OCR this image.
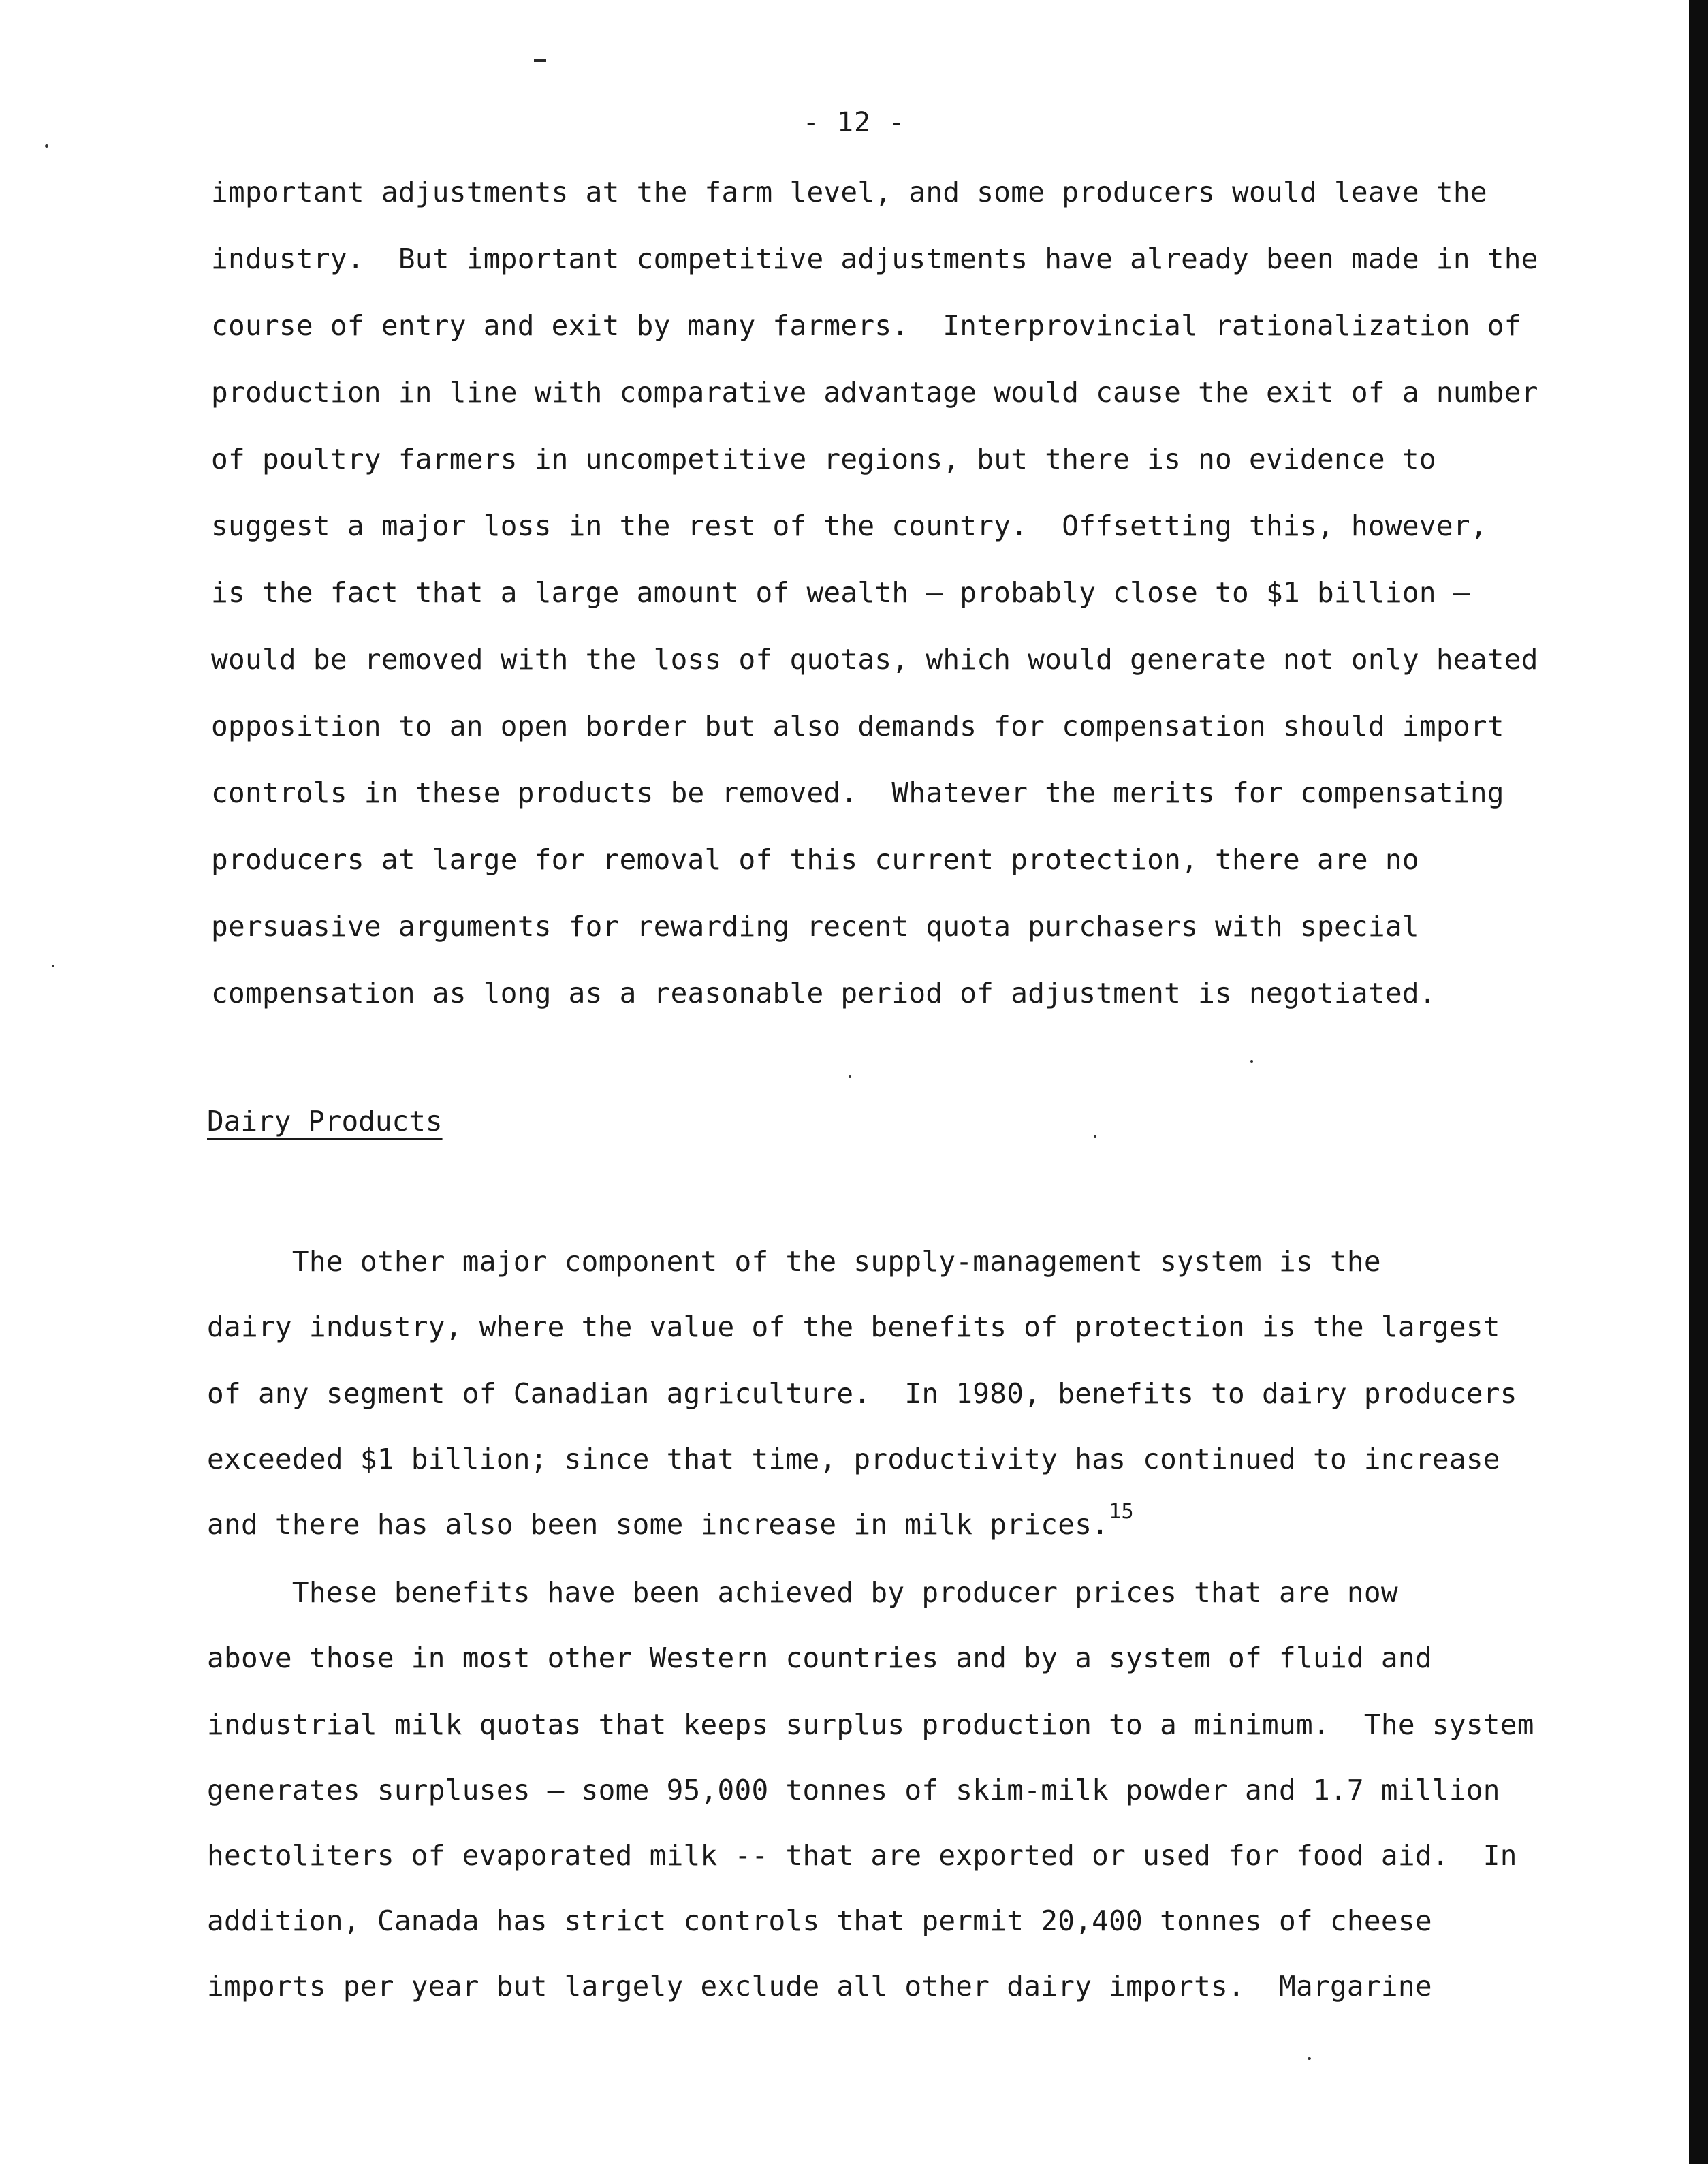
- 12 -
important adjustments at the farm level, and some producers would leave the
industry.  But important competitive adjustments have already been made in the
course of entry and exit by many farmers.  Interprovincial rationalization of
production in line with comparative advantage would cause the exit of a number
of poultry farmers in uncompetitive regions, but there is no evidence to
suggest a major loss in the rest of the country.  Offsetting this, however,
is the fact that a large amount of wealth — probably close to $1 billion —
would be removed with the loss of quotas, which would generate not only heated
opposition to an open border but also demands for compensation should import
controls in these products be removed.  Whatever the merits for compensating
producers at large for removal of this current protection, there are no
persuasive arguments for rewarding recent quota purchasers with special
compensation as long as a reasonable period of adjustment is negotiated.
Dairy Products
The other major component of the supply-management system is the
dairy industry, where the value of the benefits of protection is the largest
of any segment of Canadian agriculture.  In 1980, benefits to dairy producers
exceeded $1 billion; since that time, productivity has continued to increase
and there has also been some increase in milk prices.$^{15}$
These benefits have been achieved by producer prices that are now
above those in most other Western countries and by a system of fluid and
industrial milk quotas that keeps surplus production to a minimum.  The system
generates surpluses — some 95,000 tonnes of skim-milk powder and 1.7 million
hectoliters of evaporated milk -- that are exported or used for food aid.  In
addition, Canada has strict controls that permit 20,400 tonnes of cheese
imports per year but largely exclude all other dairy imports.  Margarine
